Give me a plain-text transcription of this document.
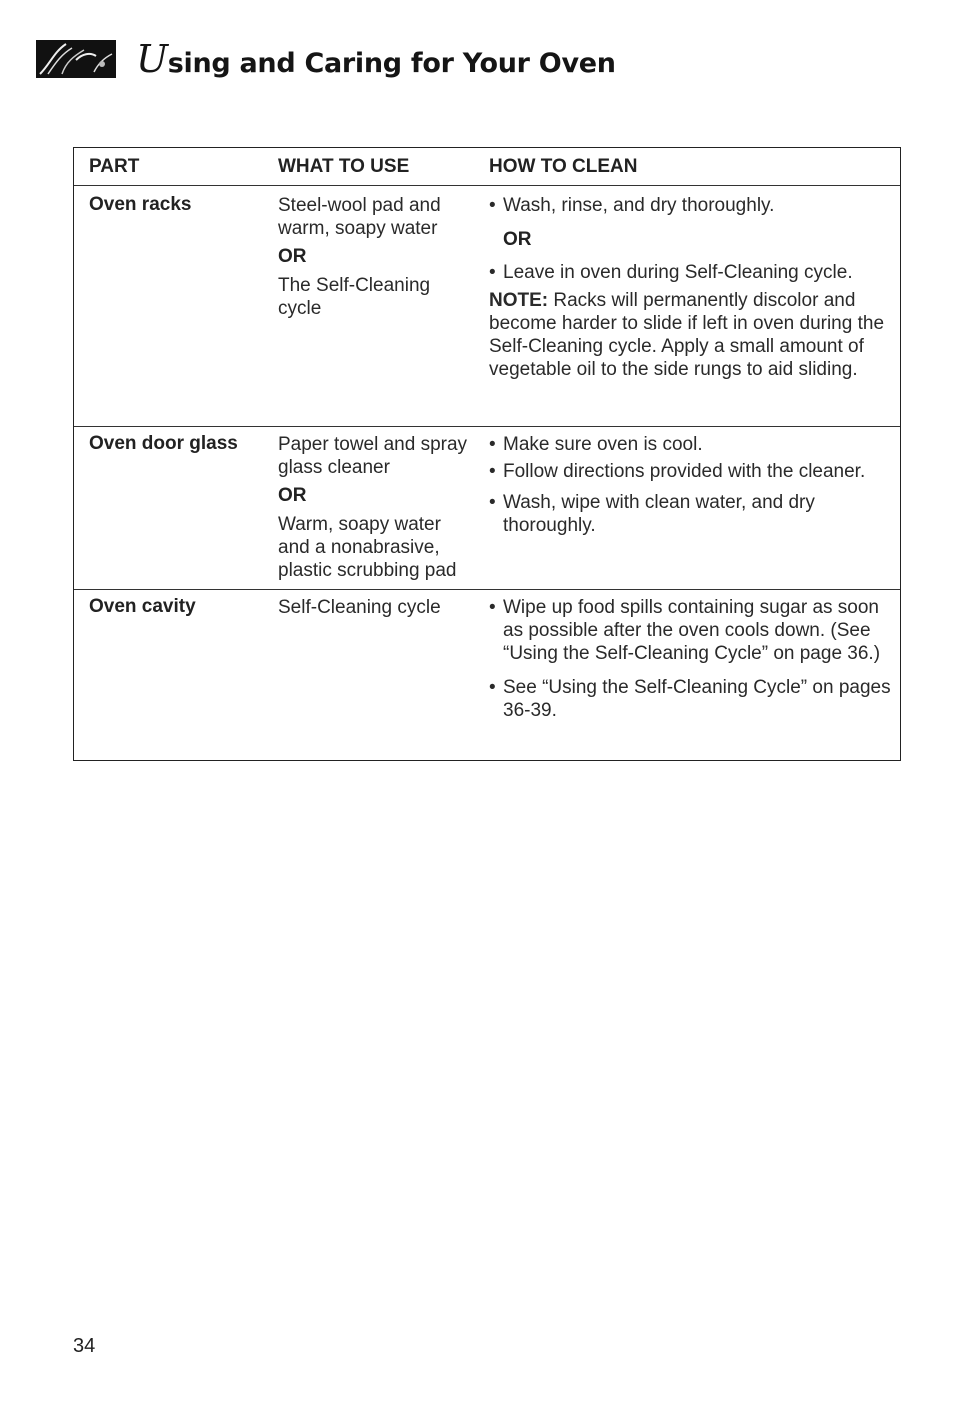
Using and Caring for Your Oven
PART	WHAT TO USE	HOW TO CLEAN
Oven racks	Steel-wool pad and warm, soapy water
OR
The Self-Cleaning cycle
• Wash, rinse, and dry thoroughly.
OR
• Leave in oven during Self-Cleaning cycle.
NOTE: Racks will permanently discolor and become harder to slide if left in oven during the Self-Cleaning cycle. Apply a small amount of vegetable oil to the side rungs to aid sliding.
Oven door glass	Paper towel and spray glass cleaner
OR
Warm, soapy water and a nonabrasive, plastic scrubbing pad
• Make sure oven is cool.
• Follow directions provided with the cleaner.
• Wash, wipe with clean water, and dry thoroughly.
Oven cavity	Self-Cleaning cycle
•	Wipe up food spills containing sugar as soon as possible after the oven cools down. (See “Using the Self-Cleaning Cycle” on page 36.)
• See “Using the Self-Cleaning Cycle” on pages 36-39.
34
